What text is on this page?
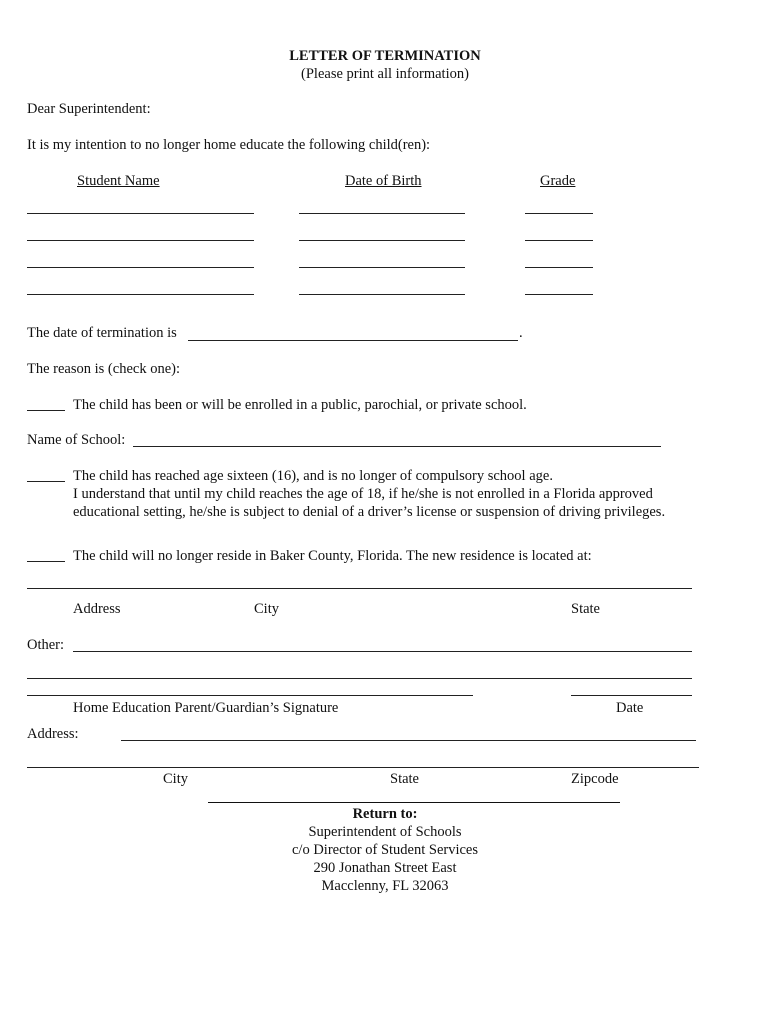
LETTER OF TERMINATION
(Please print all information)
Dear Superintendent:
It is my intention to no longer home educate the following child(ren):
Student Name	Date of Birth	Grade
The date of termination is	.
The reason is (check one):
The child has been or will be enrolled in a public, parochial, or private school.
Name of School:
The child has reached age sixteen (16), and is no longer of compulsory school age.
I understand that until my child reaches the age of 18, if he/she is not enrolled in a Florida approved
educational setting, he/she is subject to denial of a driver’s license or suspension of driving privileges.
The child will no longer reside in Baker County, Florida. The new residence is located at:
Address	City	State
Other:
Home Education Parent/Guardian’s Signature	Date
Address:
City	State	Zipcode
Return to:
Superintendent of Schools
c/o Director of Student Services
290 Jonathan Street East
Macclenny, FL 32063
